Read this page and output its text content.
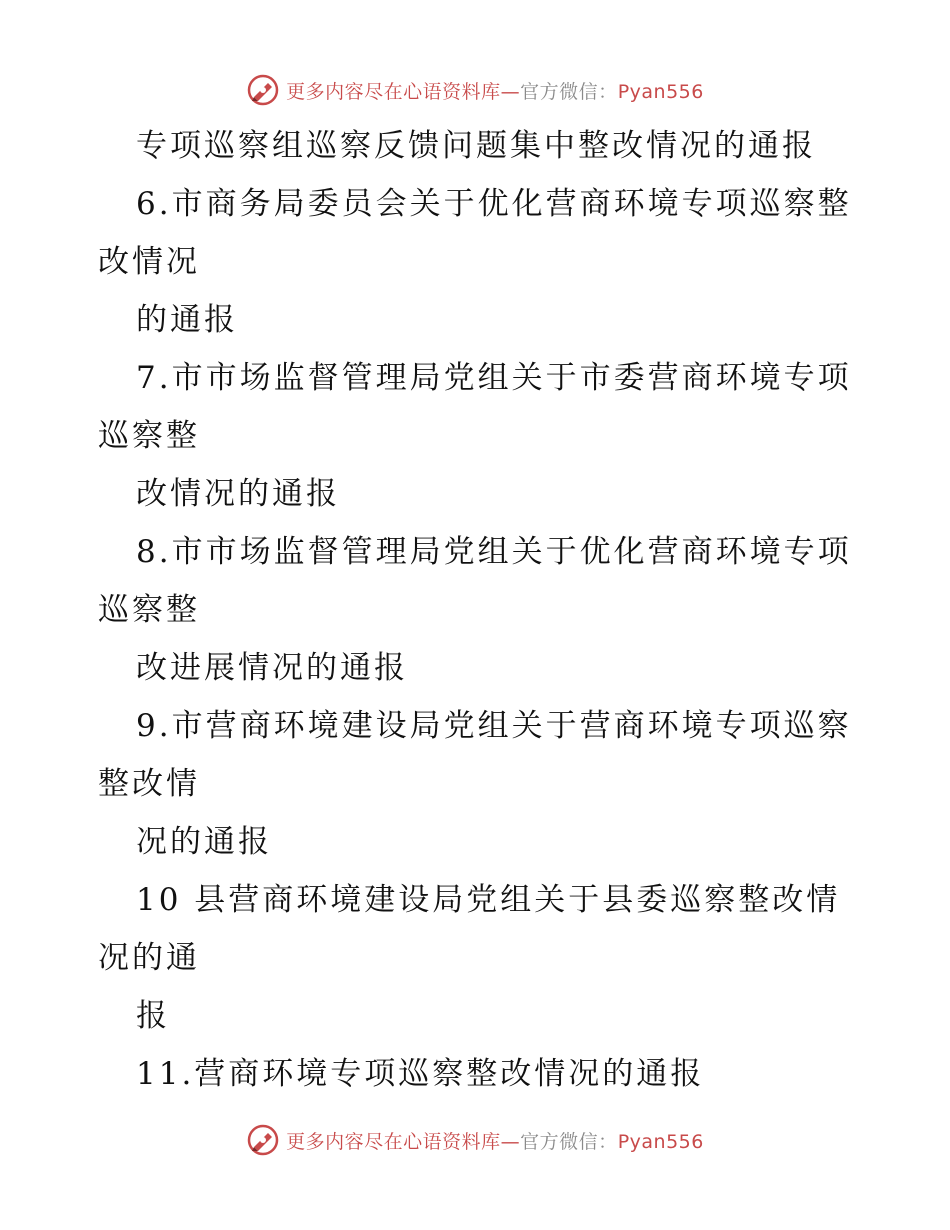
更多内容尽在心语资料库—官方微信：Pyan556
专项巡察组巡察反馈问题集中整改情况的通报
6.市商务局委员会关于优化营商环境专项巡察整
改情况
的通报
7.市市场监督管理局党组关于市委营商环境专项
巡察整
改情况的通报
8.市市场监督管理局党组关于优化营商环境专项
巡察整
改进展情况的通报
9.市营商环境建设局党组关于营商环境专项巡察
整改情
况的通报
10 县营商环境建设局党组关于县委巡察整改情
况的通
报
11.营商环境专项巡察整改情况的通报
更多内容尽在心语资料库—官方微信：Pyan556
